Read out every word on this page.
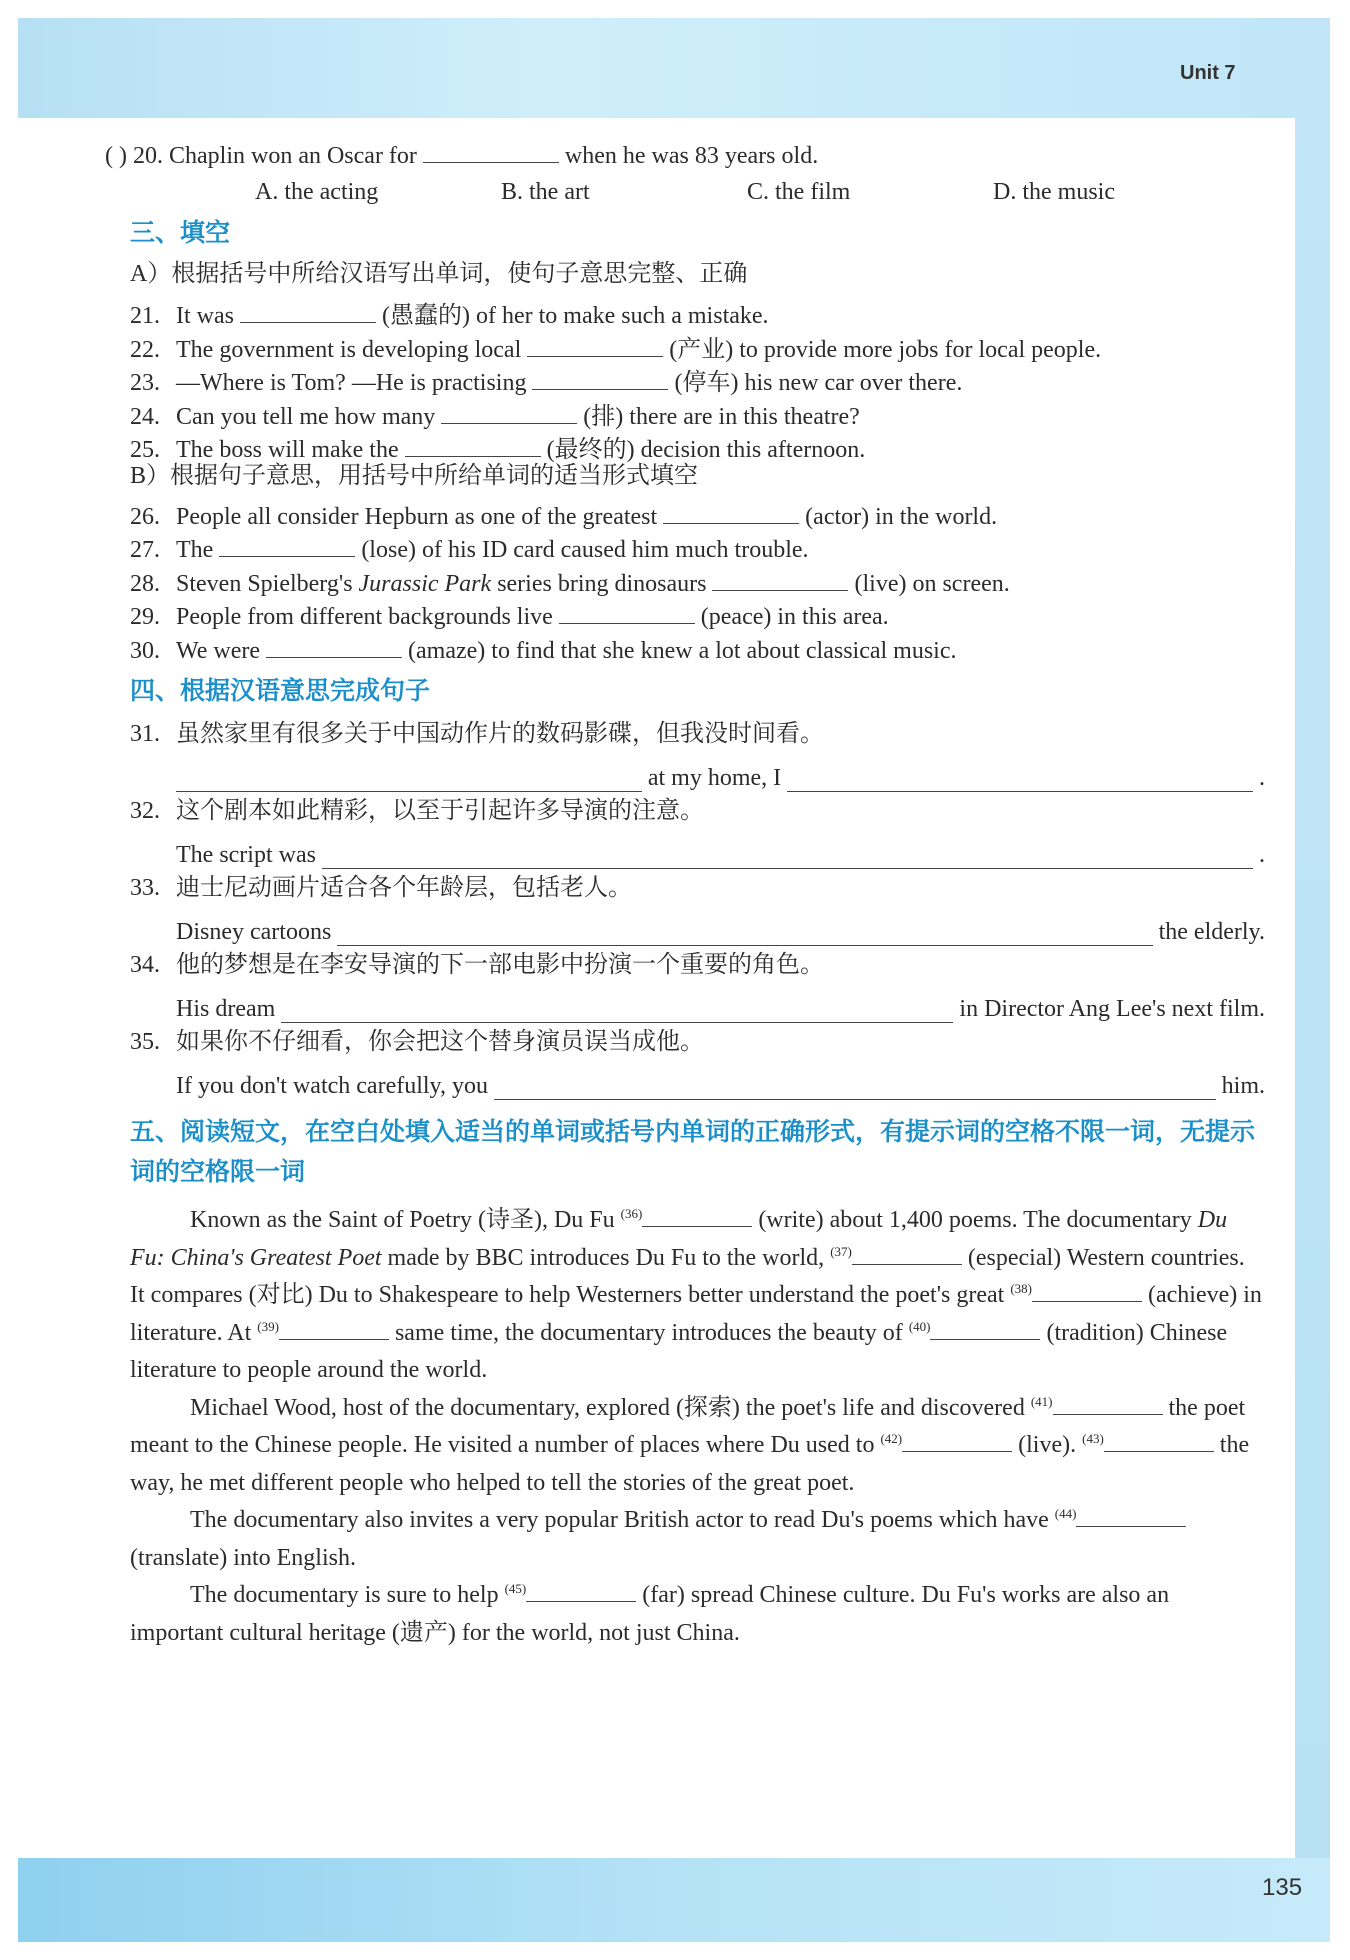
Unit 7
135
( ) 20. Chaplin won an Oscar for	when he was 83 years old.
A. the acting	B. the art	C. the film	D. the music
三、填空
A）根据括号中所给汉语写出单词，使句子意思完整、正确
21. It was	(愚蠢的) of her to make such a mistake.
22. The government is developing local	(产业) to provide more jobs for local people.
23. —Where is Tom? —He is practising	(停车) his new car over there.
24. Can you tell me how many	(排) there are in this theatre?
25. The boss will make the	(最终的) decision this afternoon.
B）根据句子意思，用括号中所给单词的适当形式填空
26. People all consider Hepburn as one of the greatest	(actor) in the world.
27. The	(lose) of his ID card caused him much trouble.
28. Steven Spielberg's Jurassic Park series bring dinosaurs	(live) on screen.
29. People from different backgrounds live	(peace) in this area.
30. We were	(amaze) to find that she knew a lot about classical music.
四、根据汉语意思完成句子
31. 虽然家里有很多关于中国动作片的数码影碟，但我没时间看。
at my home, I	.
32. 这个剧本如此精彩，以至于引起许多导演的注意。
The script was	.
33. 迪士尼动画片适合各个年龄层，包括老人。
Disney cartoons	the elderly.
34. 他的梦想是在李安导演的下一部电影中扮演一个重要的角色。
His dream	in Director Ang Lee's next film.
35. 如果你不仔细看，你会把这个替身演员误当成他。
If you don't watch carefully, you	him.
五、阅读短文，在空白处填入适当的单词或括号内单词的正确形式，有提示词的空格不限一词，无提示词的空格限一词

Known as the Saint of Poetry (诗圣), Du Fu $^{(36)}$	(write) about 1,400 poems. The documentary Du Fu: China's Greatest Poet made by BBC introduces Du Fu to the world, $^{(37)}$	(especial) Western countries. It compares (对比) Du to Shakespeare to help Westerners better understand the poet's great $^{(38)}$	(achieve) in literature. At $^{(39)}$	same time, the documentary introduces the beauty of $^{(40)}$	(tradition) Chinese literature to people around the world.

Michael Wood, host of the documentary, explored (探索) the poet's life and discovered $^{(41)}$	the poet meant to the Chinese people. He visited a number of places where Du used to $^{(42)}$	(live). $^{(43)}$	the way, he met different people who helped to tell the stories of the great poet.

The documentary also invites a very popular British actor to read Du's poems which have $^{(44)}$ (translate) into English.

The documentary is sure to help $^{(45)}$	(far) spread Chinese culture. Du Fu's works are also an important cultural heritage (遗产) for the world, not just China.
